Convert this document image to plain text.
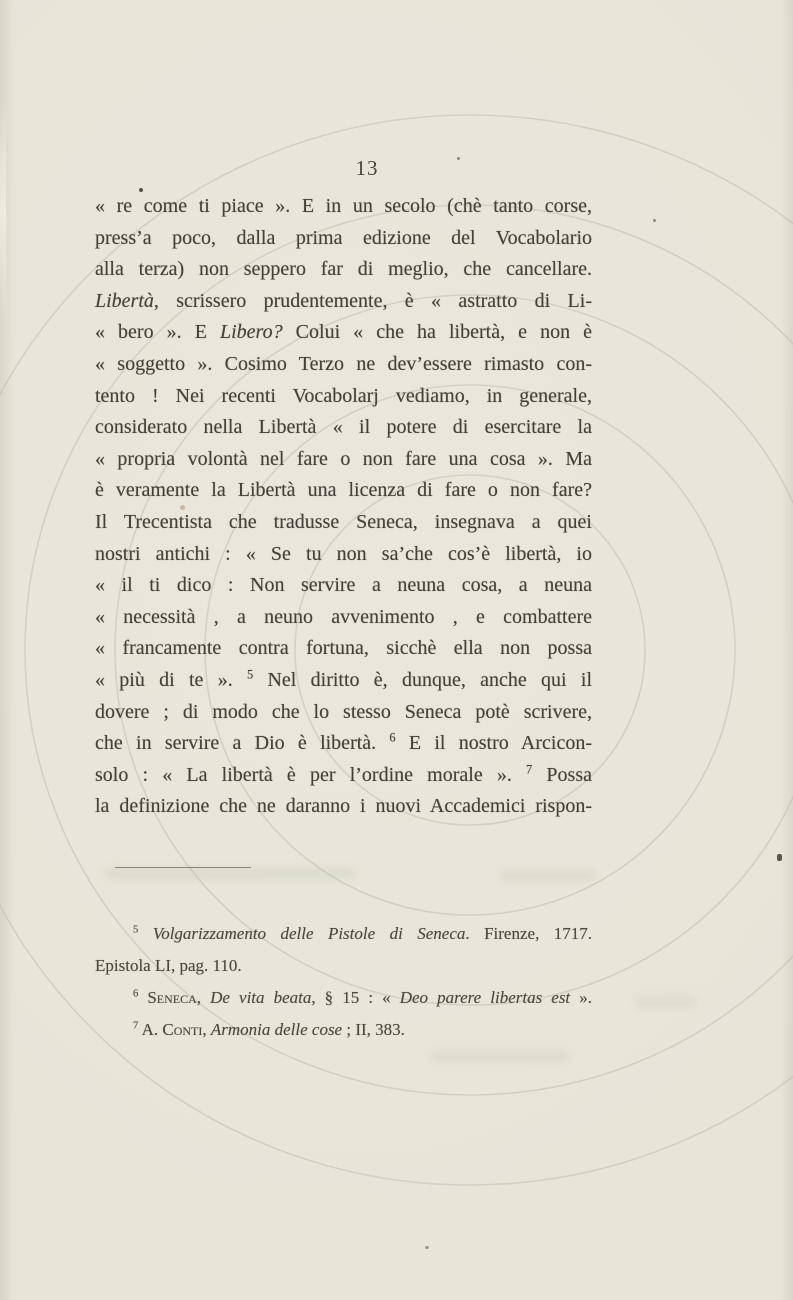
13
« re come ti piace ». E in un secolo (chè tanto corse,
press’a poco, dalla prima edizione del Vocabolario
alla terza) non seppero far di meglio, che cancellare.
Libertà, scrissero prudentemente, è « astratto di Li-
« bero ». E Libero? Colui « che ha libertà, e non è
« soggetto ». Cosimo Terzo ne dev’essere rimasto con-
tento ! Nei recenti Vocabolarj vediamo, in generale,
considerato nella Libertà « il potere di esercitare la
« propria volontà nel fare o non fare una cosa ». Ma
è veramente la Libertà una licenza di fare o non fare?
Il Trecentista che tradusse Seneca, insegnava a quei
nostri antichi : « Se tu non sa’che cos’è libertà, io
« il ti dico : Non servire a neuna cosa, a neuna
« necessità , a neuno avvenimento , e combattere
« francamente contra fortuna, sicchè ella non possa
« più di te ». $^5$ Nel diritto è, dunque, anche qui il
dovere ; di modo che lo stesso Seneca potè scrivere,
che in servire a Dio è libertà. $^6$ E il nostro Arcicon-
solo : « La libertà è per l’ordine morale ». $^7$ Possa
la definizione che ne daranno i nuovi Accademici rispon-
$^5$ Volgarizzamento delle Pistole di Seneca. Firenze, 1717.
Epistola LI, pag. 110.
$^6$ Seneca, De vita beata, § 15 : « Deo parere libertas est ».
$^7$ A. Conti, Armonia delle cose ; II, 383.
